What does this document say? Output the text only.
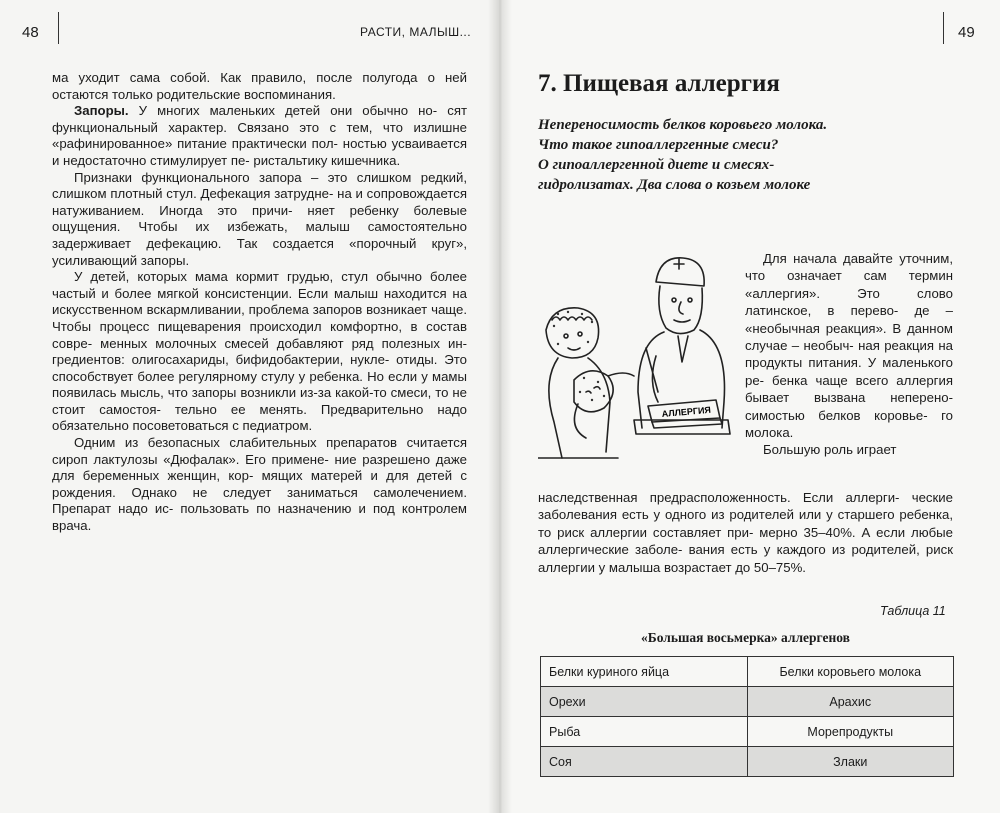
48	РАСТИ, МАЛЫШ...

ма уходит сама собой. Как правило, после полугода о ней остаются только родительские воспоминания.

Запоры. У многих маленьких детей они обычно но- сят функциональный характер. Связано это с тем, что излишне «рафинированное» питание практически пол- ностью усваивается и недостаточно стимулирует пе- ристальтику кишечника.

Признаки функционального запора – это слишком редкий, слишком плотный стул. Дефекация затрудне- на и сопровождается натуживанием. Иногда это причи- няет ребенку болевые ощущения. Чтобы их избежать, малыш самостоятельно задерживает дефекацию. Так создается «порочный круг», усиливающий запоры.

У детей, которых мама кормит грудью, стул обычно более частый и более мягкой консистенции. Если малыш находится на искусственном вскармливании, проблема запоров возникает чаще. Чтобы процесс пищеварения происходил комфортно, в состав совре- менных молочных смесей добавляют ряд полезных ин- гредиентов: олигосахариды, бифидобактерии, нукле- отиды. Это способствует более регулярному стулу у ребенка. Но если у мамы появилась мысль, что запоры возникли из-за какой-то смеси, то не стоит самостоя- тельно ее менять. Предварительно надо обязательно посоветоваться с педиатром.

Одним из безопасных слабительных препаратов считается сироп лактулозы «Дюфалак». Его примене- ние разрешено даже для беременных женщин, кор- мящих матерей и для детей с рождения. Однако не следует заниматься самолечением. Препарат надо ис- пользовать по назначению и под контролем врача.

49
7. Пищевая аллергия
Непереносимость белков коровьего молока.
Что такое гипоаллергенные смеси?
О гипоаллергенной диете и смесях-
гидролизатах. Два слова о козьем молоке
АЛЛЕРГИЯ

Для начала давайте уточним, что означает сам термин «аллергия». Это	слово латинское, в перево- де – «необычная реакция». В данном случае – необыч- ная реакция на продукты питания. У маленького ре- бенка чаще всего аллергия бывает вызвана неперено- симостью белков коровье- го молока.

Большую роль играет

наследственная предрасположенность. Если аллерги- ческие заболевания есть у одного из родителей или у старшего ребенка, то риск аллергии составляет при- мерно 35–40%. А если любые аллергические заболе- вания есть у каждого из родителей, риск аллергии у малыша возрастает до 50–75%.

Таблица 11
«Большая восьмерка» аллергенов
Белки куриного яйца	Белки коровьего молока
Орехи	Арахис
Рыба	Морепродукты
Соя	Злаки
